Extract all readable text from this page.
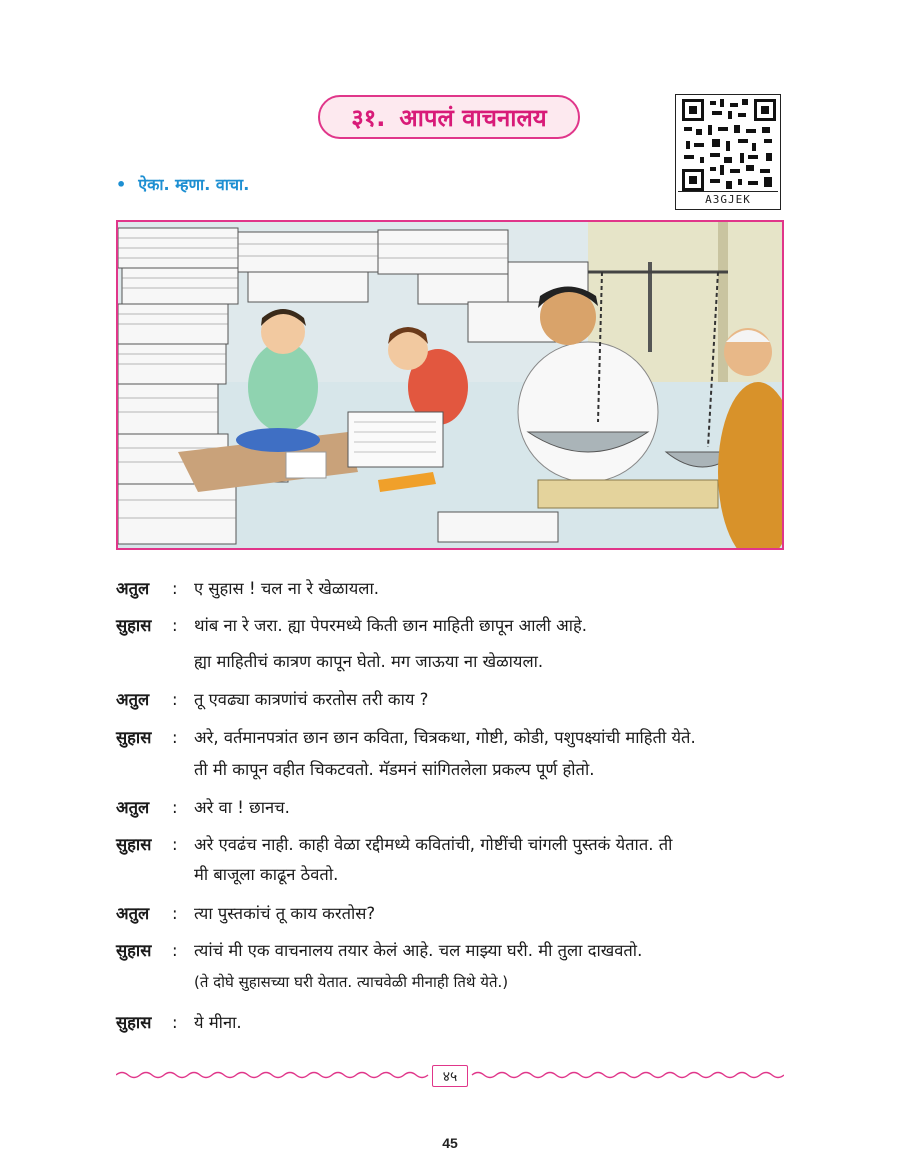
३१. आपलं वाचनालय
A3GJEK
• ऐका. म्हणा. वाचा.
अतुल	: ए सुहास ! चल ना रे खेळायला.
सुहास	: थांब ना रे जरा. ह्या पेपरमध्ये किती छान माहिती छापून आली आहे.
ह्या माहितीचं कात्रण कापून घेतो. मग जाऊया ना खेळायला.
अतुल	: तू एवढ्या कात्रणांचं करतोस तरी काय ?
सुहास	: अरे, वर्तमानपत्रांत छान छान कविता, चित्रकथा, गोष्टी, कोडी, पशुपक्ष्यांची माहिती येते.
ती मी कापून वहीत चिकटवतो. मॅडमनं सांगितलेला प्रकल्प पूर्ण होतो.
अतुल	: अरे वा ! छानच.
सुहास	: अरे एवढंच नाही. काही वेळा रद्दीमध्ये कवितांची, गोष्टींची चांगली पुस्तकं येतात. ती
मी बाजूला काढून ठेवतो.
अतुल	: त्या पुस्तकांचं तू काय करतोस?
सुहास	: त्यांचं मी एक वाचनालय तयार केलं आहे. चल माझ्या घरी. मी तुला दाखवतो.
(ते दोघे सुहासच्या घरी येतात. त्याचवेळी मीनाही तिथे येते.)
सुहास	: ये मीना.
४५
45
